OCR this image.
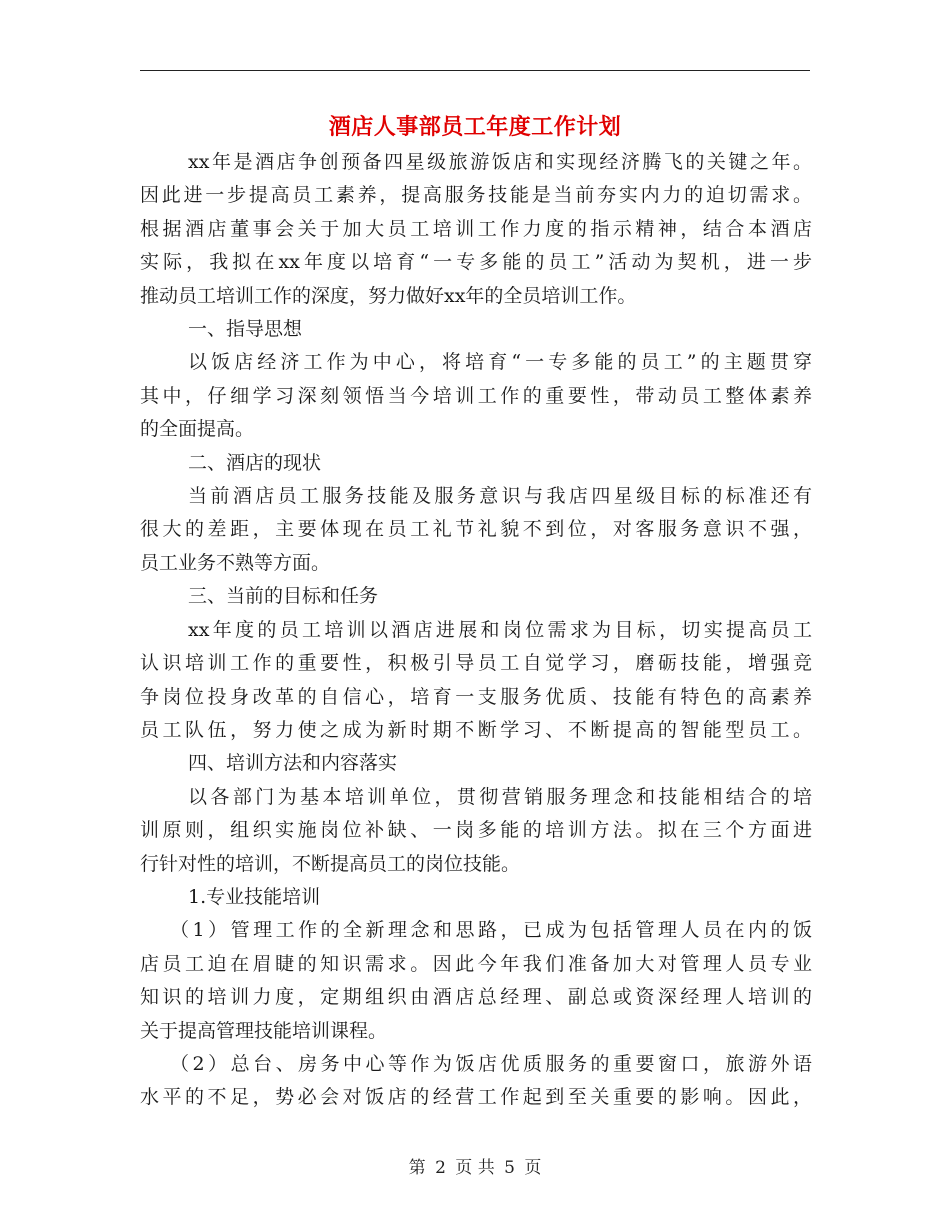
酒店人事部员工年度工作计划
xx年是酒店争创预备四星级旅游饭店和实现经济腾飞的关键之年。
因此进一步提高员工素养，提高服务技能是当前夯实内力的迫切需求。
根据酒店董事会关于加大员工培训工作力度的指示精神，结合本酒店
实际，我拟在xx年度以培育“一专多能的员工”活动为契机，进一步
推动员工培训工作的深度，努力做好xx年的全员培训工作。
一、指导思想
以饭店经济工作为中心，将培育“一专多能的员工”的主题贯穿
其中，仔细学习深刻领悟当今培训工作的重要性，带动员工整体素养
的全面提高。
二、酒店的现状
当前酒店员工服务技能及服务意识与我店四星级目标的标准还有
很大的差距，主要体现在员工礼节礼貌不到位，对客服务意识不强，
员工业务不熟等方面。
三、当前的目标和任务
xx年度的员工培训以酒店进展和岗位需求为目标，切实提高员工
认识培训工作的重要性，积极引导员工自觉学习，磨砺技能，增强竞
争岗位投身改革的自信心，培育一支服务优质、技能有特色的高素养
员工队伍，努力使之成为新时期不断学习、不断提高的智能型员工。
四、培训方法和内容落实
以各部门为基本培训单位，贯彻营销服务理念和技能相结合的培
训原则，组织实施岗位补缺、一岗多能的培训方法。拟在三个方面进
行针对性的培训，不断提高员工的岗位技能。
1.专业技能培训
（1）管理工作的全新理念和思路，已成为包括管理人员在内的饭
店员工迫在眉睫的知识需求。因此今年我们准备加大对管理人员专业
知识的培训力度，定期组织由酒店总经理、副总或资深经理人培训的
关于提高管理技能培训课程。
（2）总台、房务中心等作为饭店优质服务的重要窗口，旅游外语
水平的不足，势必会对饭店的经营工作起到至关重要的影响。因此，
第 2 页 共 5 页
